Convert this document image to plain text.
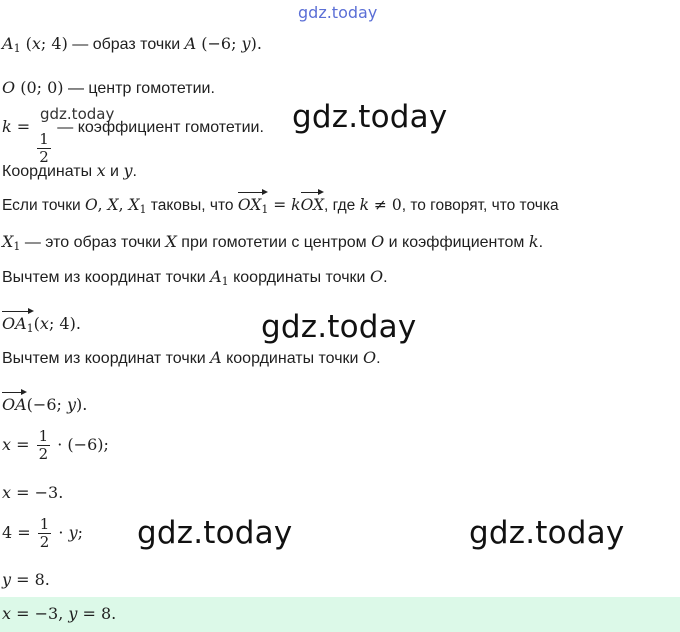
gdz.today
gdz.today	gdz.today
gdz.today
gdz.today	gdz.today
$A_1$ (x; 4) — образ точки A (−6; y).
O (0; 0) — центр гомотетии.
k =
$\frac{1}{2}$
— коэффициент гомотетии.
Координаты x и y.
Если точки O, X, $X_1$ таковы, что $OX_1$ = kOX, где k ≠ 0, то говорят, что точка
$X_1$ — это образ точки X при гомотетии с центром O и коэффициентом k.
Вычтем из координат точки $A_1$ координаты точки O.
$OA_1(x$; 4).
Вычтем из координат точки A координаты точки O.
OA(−6; y).
$x = \frac{1}{2} \cdot (-6)$;
x = −3.
$4 = \frac{1}{2} \cdot y$;
y = 8.
x = −3, y = 8.
